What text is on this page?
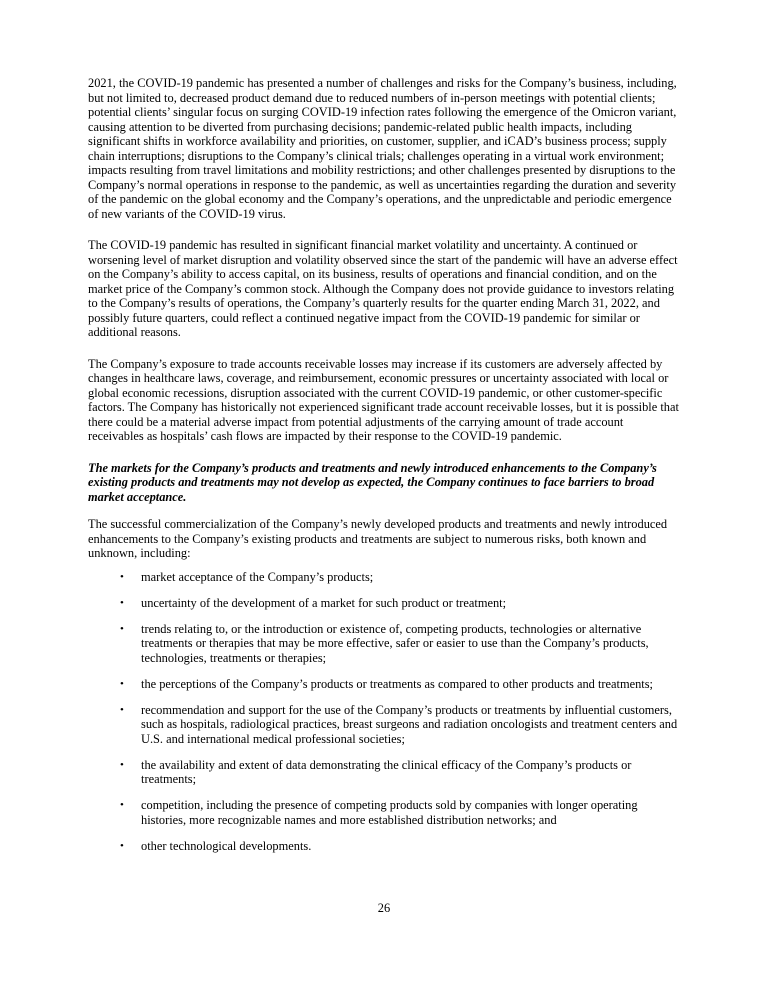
2021, the COVID-19 pandemic has presented a number of challenges and risks for the Company’s business, including, but not limited to, decreased product demand due to reduced numbers of in-person meetings with potential clients; potential clients’ singular focus on surging COVID-19 infection rates following the emergence of the Omicron variant, causing attention to be diverted from purchasing decisions; pandemic-related public health impacts, including significant shifts in workforce availability and priorities, on customer, supplier, and iCAD’s business process; supply chain interruptions; disruptions to the Company’s clinical trials; challenges operating in a virtual work environment; impacts resulting from travel limitations and mobility restrictions; and other challenges presented by disruptions to the Company’s normal operations in response to the pandemic, as well as uncertainties regarding the duration and severity of the pandemic on the global economy and the Company’s operations, and the unpredictable and periodic emergence of new variants of the COVID-19 virus.

The COVID-19 pandemic has resulted in significant financial market volatility and uncertainty. A continued or worsening level of market disruption and volatility observed since the start of the pandemic will have an adverse effect on the Company’s ability to access capital, on its business, results of operations and financial condition, and on the market price of the Company’s common stock. Although the Company does not provide guidance to investors relating to the Company’s results of operations, the Company’s quarterly results for the quarter ending March 31, 2022, and possibly future quarters, could reflect a continued negative impact from the COVID-19 pandemic for similar or additional reasons.

The Company’s exposure to trade accounts receivable losses may increase if its customers are adversely affected by changes in healthcare laws, coverage, and reimbursement, economic pressures or uncertainty associated with local or global economic recessions, disruption associated with the current COVID-19 pandemic, or other customer-specific factors. The Company has historically not experienced significant trade account receivable losses, but it is possible that there could be a material adverse impact from potential adjustments of the carrying amount of trade account receivables as hospitals’ cash flows are impacted by their response to the COVID-19 pandemic.

The markets for the Company’s products and treatments and newly introduced enhancements to the Company’s existing products and treatments may not develop as expected, the Company continues to face barriers to broad market acceptance.

The successful commercialization of the Company’s newly developed products and treatments and newly introduced enhancements to the Company’s existing products and treatments are subject to numerous risks, both known and unknown, including:

•	market acceptance of the Company’s products;
•	uncertainty of the development of a market for such product or treatment;
•	trends relating to, or the introduction or existence of, competing products, technologies or alternative treatments or therapies that may be more effective, safer or easier to use than the Company’s products, technologies, treatments or therapies;
•	the perceptions of the Company’s products or treatments as compared to other products and treatments;
•	recommendation and support for the use of the Company’s products or treatments by influential customers, such as hospitals, radiological practices, breast surgeons and radiation oncologists and treatment centers and U.S. and international medical professional societies;
•	the availability and extent of data demonstrating the clinical efficacy of the Company’s products or treatments;
•	competition, including the presence of competing products sold by companies with longer operating histories, more recognizable names and more established distribution networks; and
•	other technological developments.
26
